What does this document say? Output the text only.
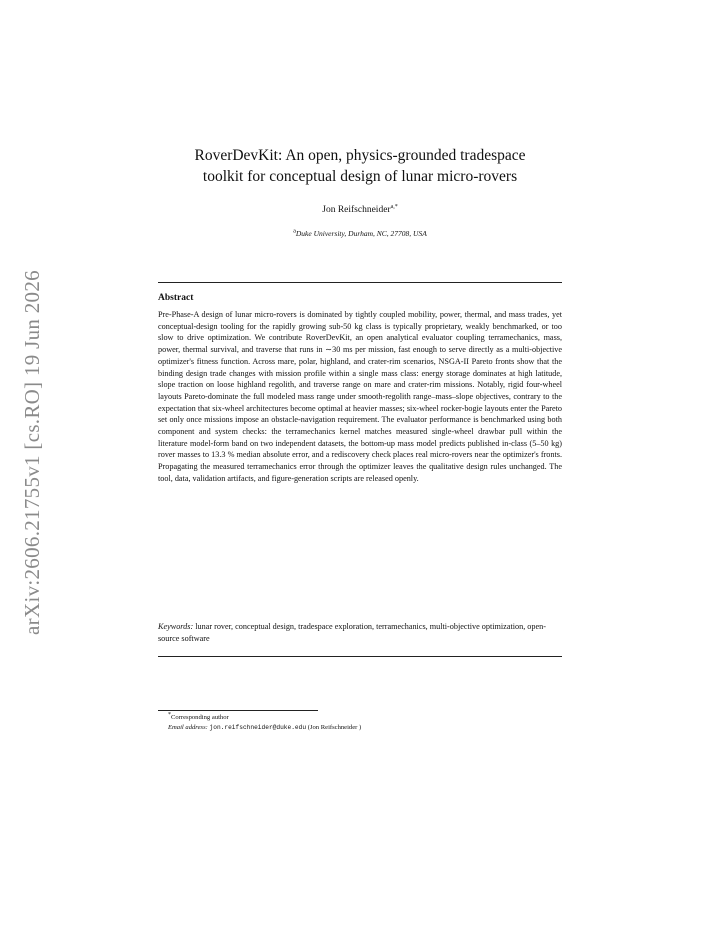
arXiv:2606.21755v1 [cs.RO] 19 Jun 2026
RoverDevKit: An open, physics-grounded tradespace
toolkit for conceptual design of lunar micro-rovers
Jon Reifschneider$^{a,*}$
$^a$Duke University, Durham, NC, 27708, USA
Abstract

Pre-Phase-A design of lunar micro-rovers is dominated by tightly coupled mobility, power, thermal, and mass trades, yet conceptual-design tooling for the rapidly growing sub-50 kg class is typically proprietary, weakly benchmarked, or too slow to drive optimization. We contribute RoverDevKit, an open analytical evaluator coupling terramechanics, mass, power, thermal survival, and traverse that runs in ∼30 ms per mission, fast enough to serve directly as a multi-objective optimizer's fitness function. Across mare, polar, highland, and crater-rim scenarios, NSGA-II Pareto fronts show that the binding design trade changes with mission profile within a single mass class: energy storage dominates at high latitude, slope traction on loose highland regolith, and traverse range on mare and crater-rim missions. Notably, rigid four-wheel layouts Pareto-dominate the full modeled mass range under smooth-regolith range–mass–slope objectives, contrary to the expectation that six-wheel architectures become optimal at heavier masses; six-wheel rocker-bogie layouts enter the Pareto set only once missions impose an obstacle-navigation requirement. The evaluator performance is benchmarked using both component and system checks: the terramechanics kernel matches measured single-wheel drawbar pull within the literature model-form band on two independent datasets, the bottom-up mass model predicts published in-class (5–50 kg) rover masses to 13.3 % median absolute error, and a rediscovery check places real micro-rovers near the optimizer's fronts. Propagating the measured terramechanics error through the optimizer leaves the qualitative design rules unchanged. The tool, data, validation artifacts, and figure-generation scripts are released openly.

Keywords: lunar rover, conceptual design, tradespace exploration, terramechanics, multi-objective optimization, open-source software
*Corresponding author
Email address: jon.reifschneider@duke.edu (Jon Reifschneider )
